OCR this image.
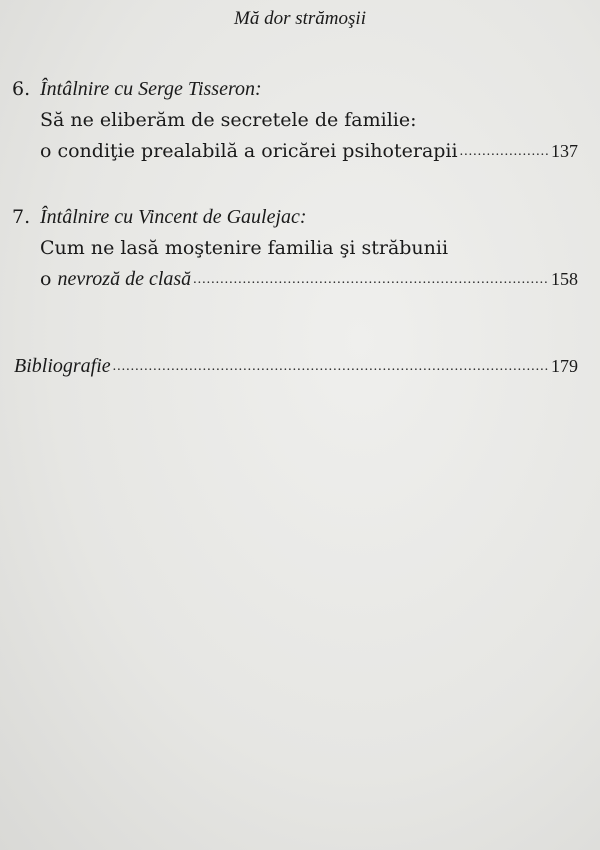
Mă dor strămoşii
6. Întâlnire cu Serge Tisseron:
Să ne eliberăm de secretele de familie:
o condiţie prealabilă a oricărei psihoterapii .....	137
7. Întâlnire cu Vincent de Gaulejac:
Cum ne lasă moştenire familia şi străbunii
o nevroză de clasă .....	158
Bibliografie .....	179
